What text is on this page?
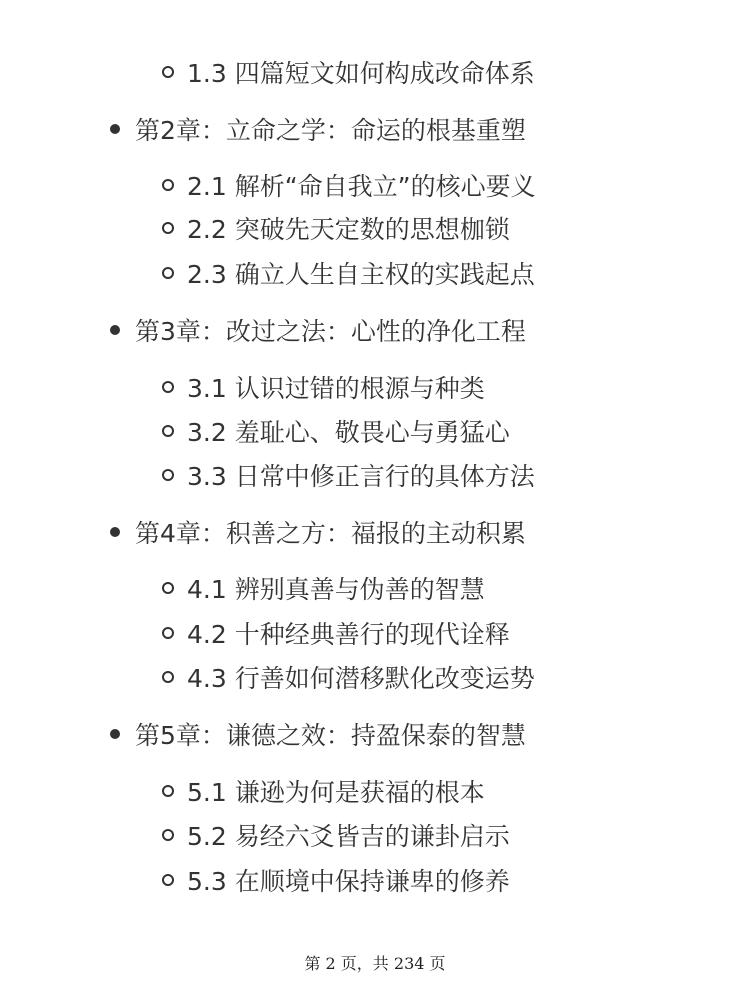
1.3 四篇短文如何构成改命体系
第2章：立命之学：命运的根基重塑
2.1 解析“命自我立”的核心要义
2.2 突破先天定数的思想枷锁
2.3 确立人生自主权的实践起点
第3章：改过之法：心性的净化工程
3.1 认识过错的根源与种类
3.2 羞耻心、敬畏心与勇猛心
3.3 日常中修正言行的具体方法
第4章：积善之方：福报的主动积累
4.1 辨别真善与伪善的智慧
4.2 十种经典善行的现代诠释
4.3 行善如何潜移默化改变运势
第5章：谦德之效：持盈保泰的智慧
5.1 谦逊为何是获福的根本
5.2 易经六爻皆吉的谦卦启示
5.3 在顺境中保持谦卑的修养
第 2 页，共 234 页
